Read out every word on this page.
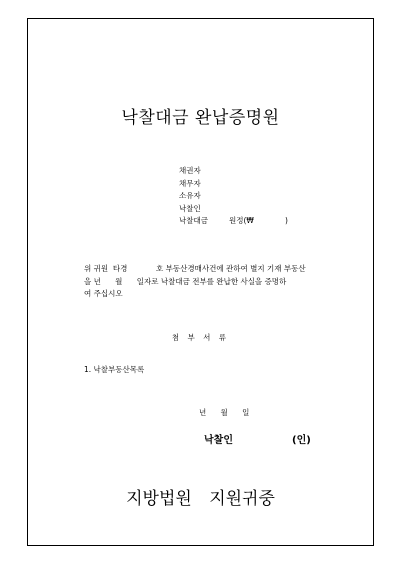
낙찰대금 완납증명원
채권자
채무자
소유자
낙찰인
낙찰대금	원정(₩	)
위 귀원  타경            호 부동산경매사건에 관하여 별지 기재 부동산
을 년      월      일자로 낙찰대금 전부를 완납한 사실을 증명하
여 주십시오
첨 부 서 류
1. 낙찰부동산목록
년      월      일
낙찰인	(인)
지방법원 지원귀중
